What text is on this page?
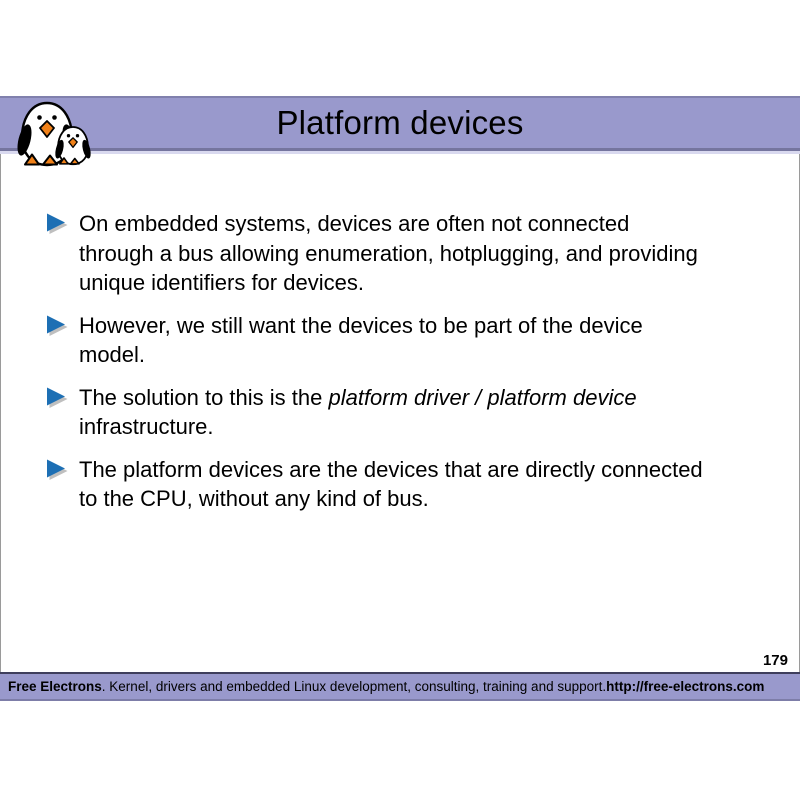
Platform devices

On embedded systems, devices are often not connected
through a bus allowing enumeration, hotplugging, and providing
unique identifiers for devices.

However, we still want the devices to be part of the device
model.

The solution to this is the platform driver / platform device
infrastructure.

The platform devices are the devices that are directly connected
to the CPU, without any kind of bus.

179
Free Electrons . Kernel, drivers and embedded Linux development, consulting, training and support. http://free-electrons.com
